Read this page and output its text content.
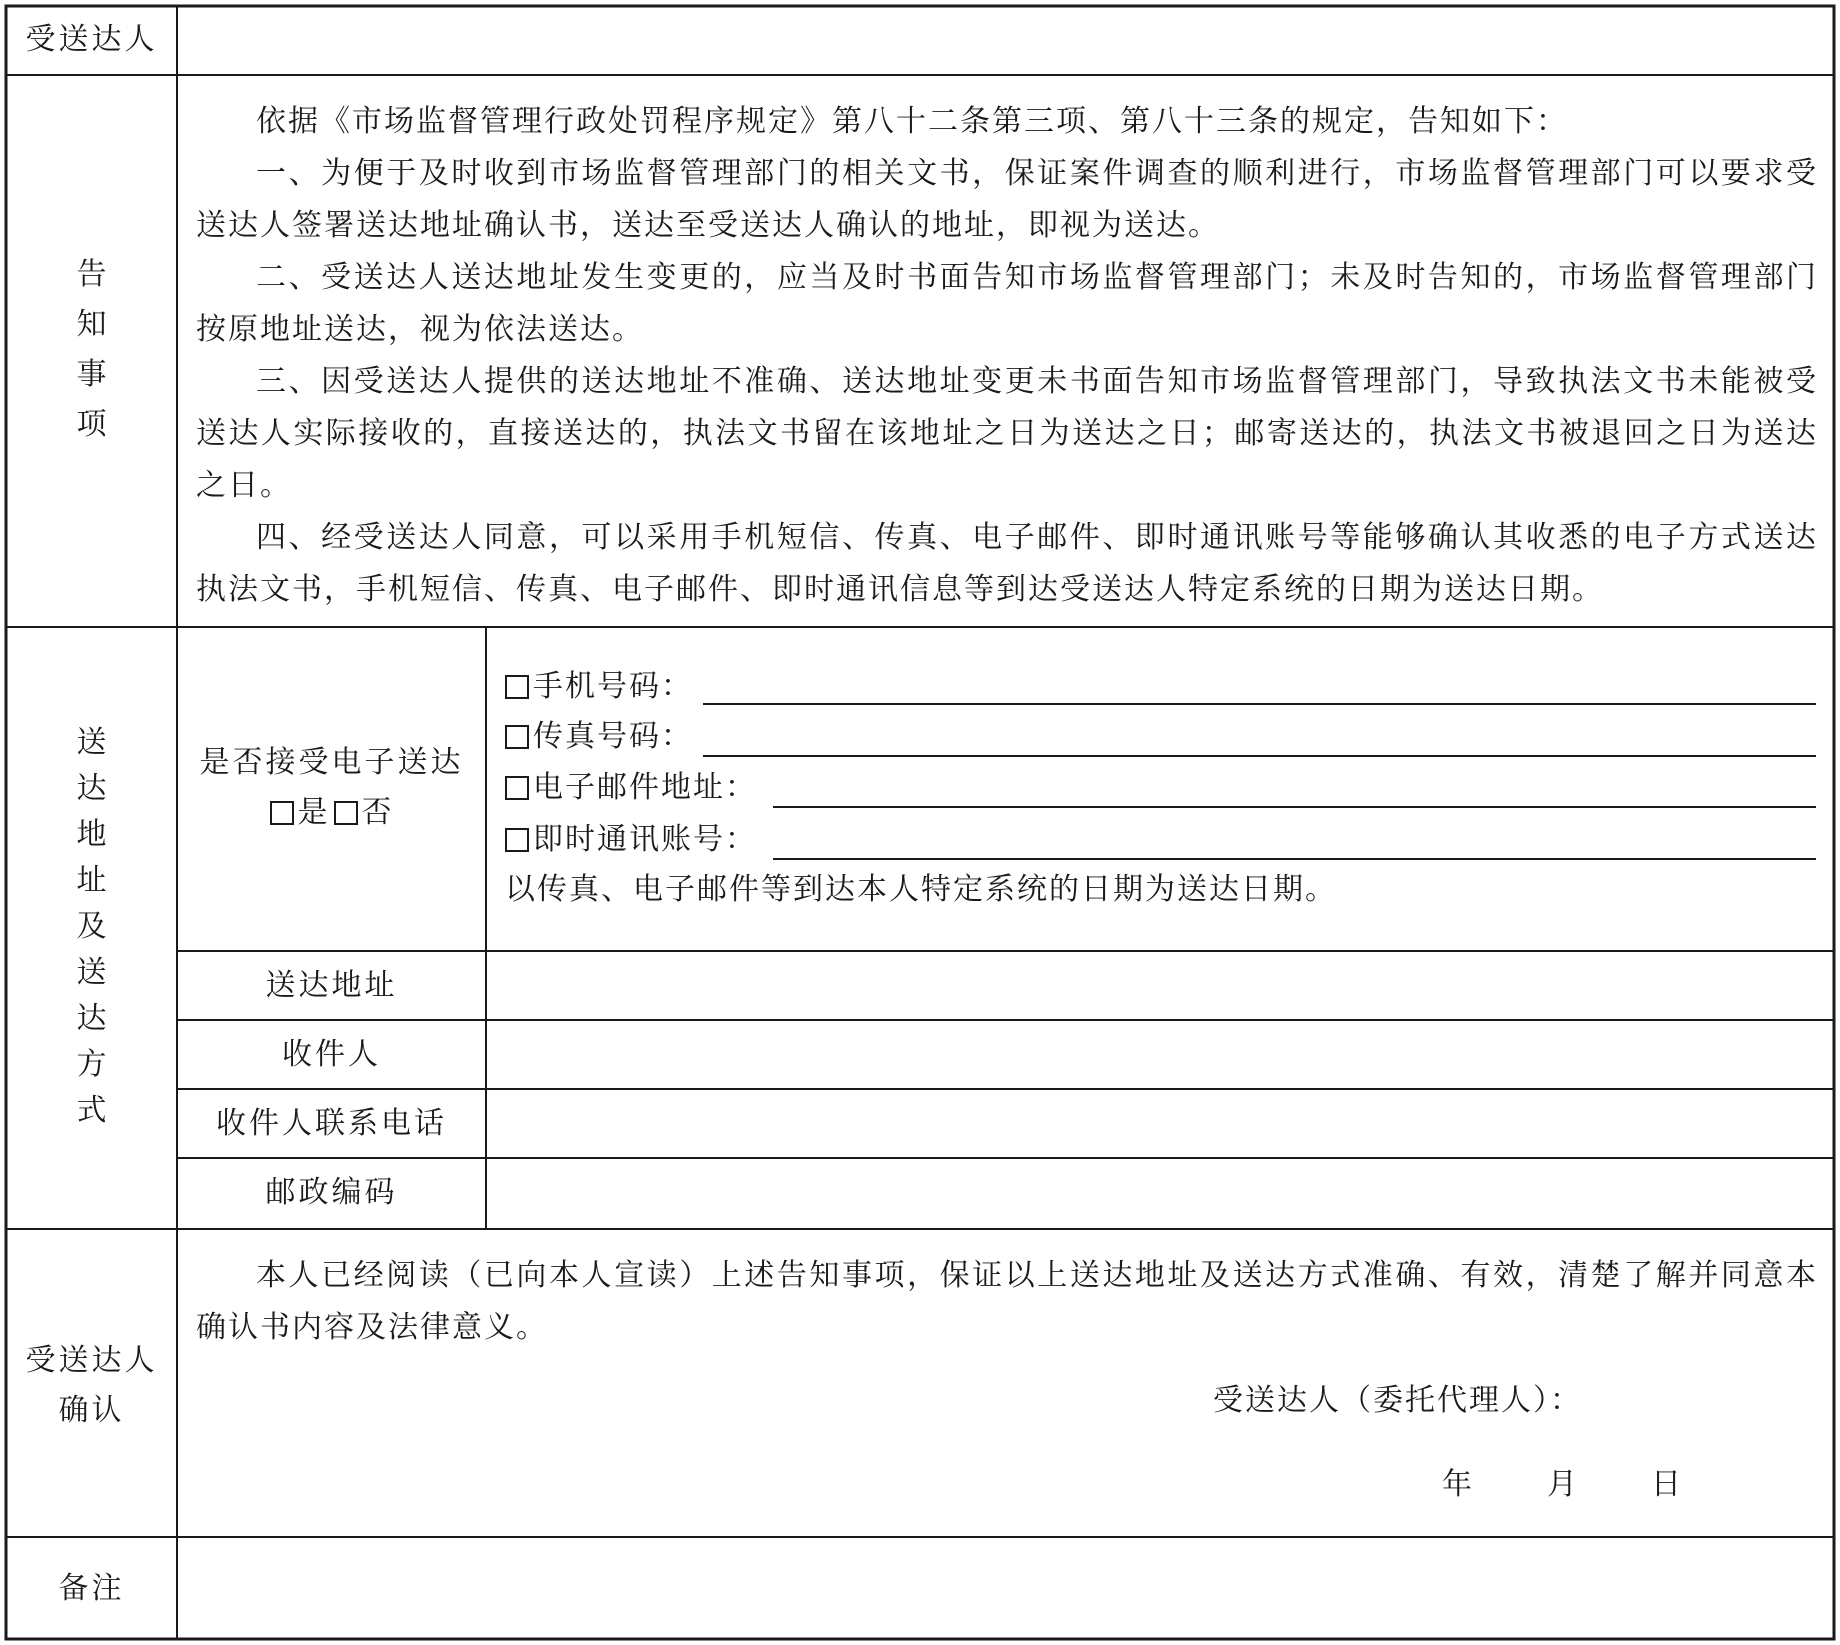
受送达人
告
知
事
项

依据《市场监督管理行政处罚程序规定》第八十二条第三项、第八十三条的规定，告知如下：

一、为便于及时收到市场监督管理部门的相关文书，保证案件调查的顺利进行，市场监督管理部门可以要求受送达人签署送达地址确认书，送达至受送达人确认的地址，即视为送达。

二、受送达人送达地址发生变更的，应当及时书面告知市场监督管理部门；未及时告知的，市场监督管理部门按原地址送达，视为依法送达。

三、因受送达人提供的送达地址不准确、送达地址变更未书面告知市场监督管理部门，导致执法文书未能被受送达人实际接收的，直接送达的，执法文书留在该地址之日为送达之日；邮寄送达的，执法文书被退回之日为送达之日。

四、经受送达人同意，可以采用手机短信、传真、电子邮件、即时通讯账号等能够确认其收悉的电子方式送达执法文书，手机短信、传真、电子邮件、即时通讯信息等到达受送达人特定系统的日期为送达日期。

送
达
地
址
及
送
达
方
式
是否接受电子送达
是 否
手机号码：
传真号码：
电子邮件地址：
即时通讯账号：
以传真、电子邮件等到达本人特定系统的日期为送达日期。
送达地址
收件人
收件人联系电话
邮政编码
受送达人
确认

本人已经阅读（已向本人宣读）上述告知事项，保证以上送达地址及送达方式准确、有效，清楚了解并同意本确认书内容及法律意义。

受送达人（委托代理人）：
年 月 日
备注
